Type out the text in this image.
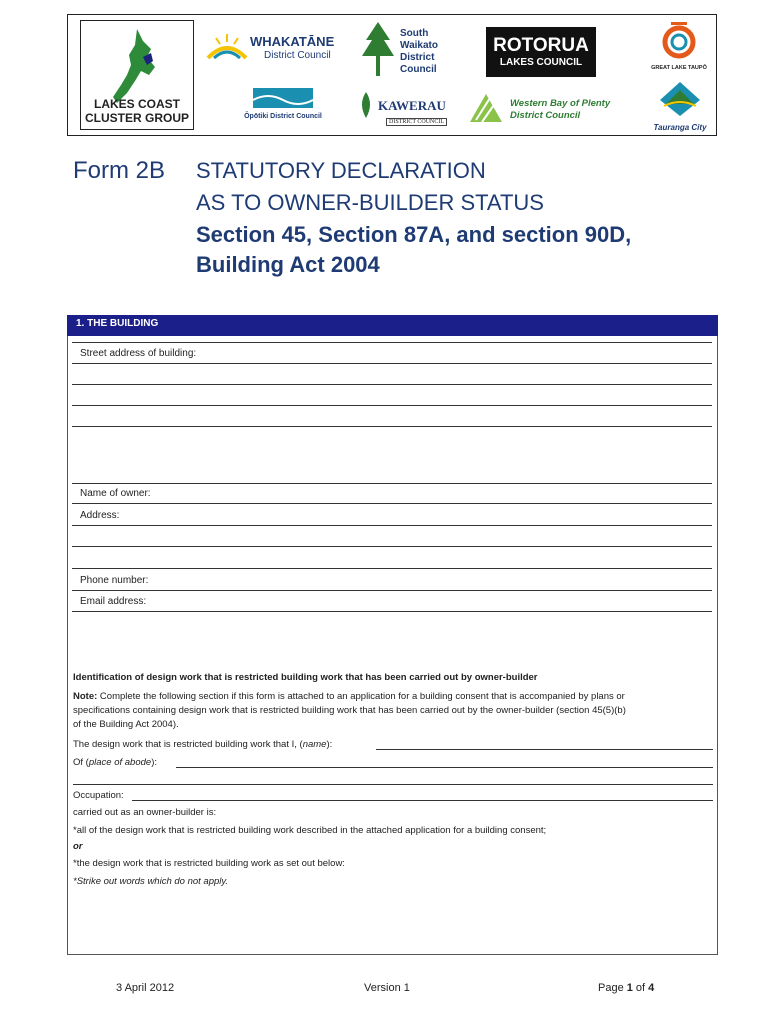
LAKES COAST
CLUSTER GROUP
WHAKATĀNE
District Council
South
Waikato
District
Council
ROTORUA
LAKES COUNCIL	GREAT LAKE TAUPŌ
Ōpōtiki District Council
KAWERAU
DISTRICT COUNCIL
Western Bay of Plenty
District Council
Tauranga City
Form 2B STATUTORY DECLARATION
AS TO OWNER-BUILDER STATUS
Section 45, Section 87A, and section 90D,
Building Act 2004
1. THE BUILDING
Street address of building:
Name of owner:
Address:
Phone number:
Email address:
Identification of design work that is restricted building work that has been carried out by owner-builder
Note: Complete the following section if this form is attached to an application for a building consent that is accompanied by plans or
specifications containing design work that is restricted building work that has been carried out by the owner-builder (section 45(5)(b)
of the Building Act 2004).
The design work that is restricted building work that I, (name):
Of (place of abode):
Occupation:
carried out as an owner-builder is:
*all of the design work that is restricted building work described in the attached application for a building consent;
or
*the design work that is restricted building work as set out below:
*Strike out words which do not apply.
3 April 2012	Version 1	Page 1 of 4
